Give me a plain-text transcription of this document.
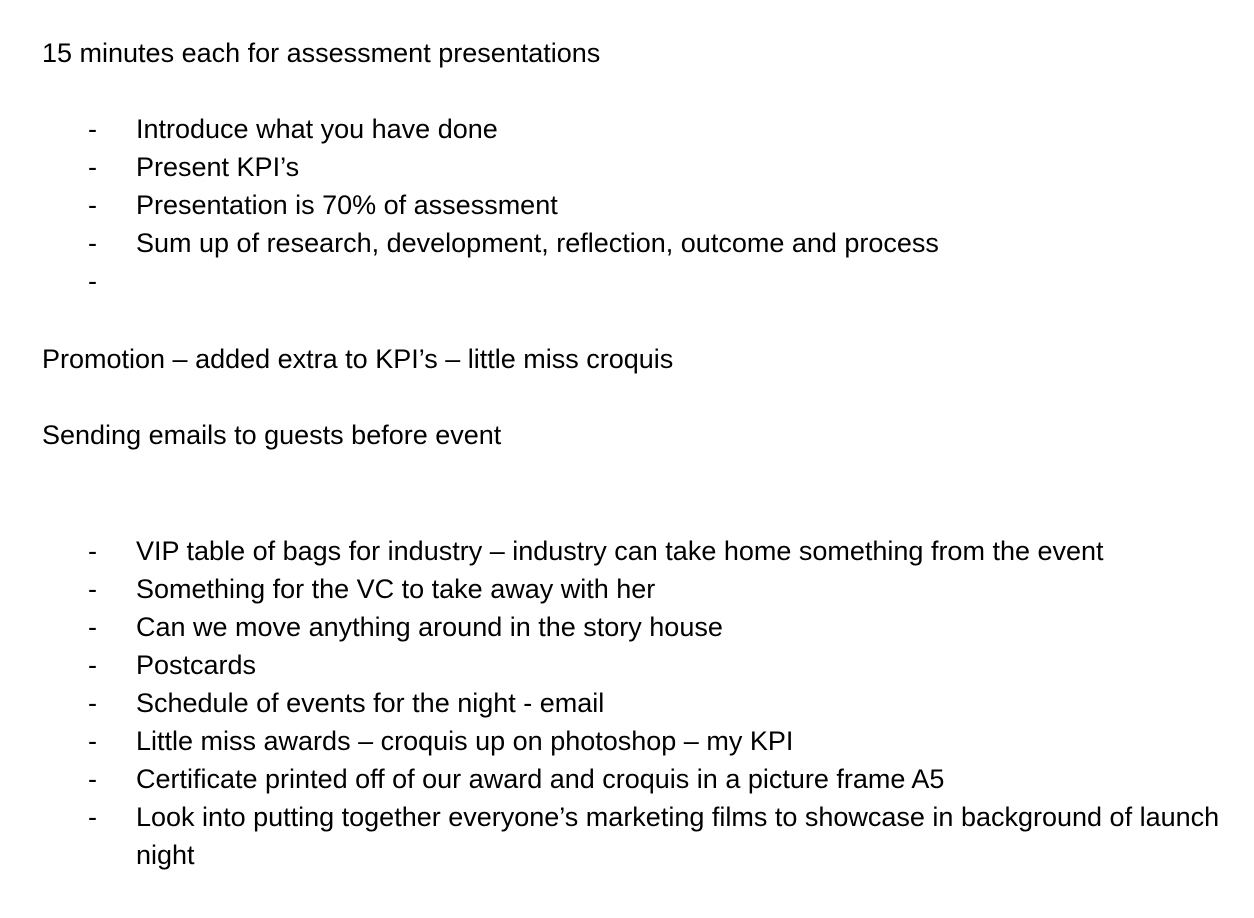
15 minutes each for assessment presentations
- Introduce what you have done
- Present KPI’s
- Presentation is 70% of assessment
- Sum up of research, development, reflection, outcome and process
-
Promotion – added extra to KPI’s – little miss croquis
Sending emails to guests before event
- VIP table of bags for industry – industry can take home something from the event
- Something for the VC to take away with her
- Can we move anything around in the story house
- Postcards
- Schedule of events for the night - email
- Little miss awards – croquis up on photoshop – my KPI
- Certificate printed off of our award and croquis in a picture frame A5
- Look into putting together everyone’s marketing films to showcase in background of launch night
